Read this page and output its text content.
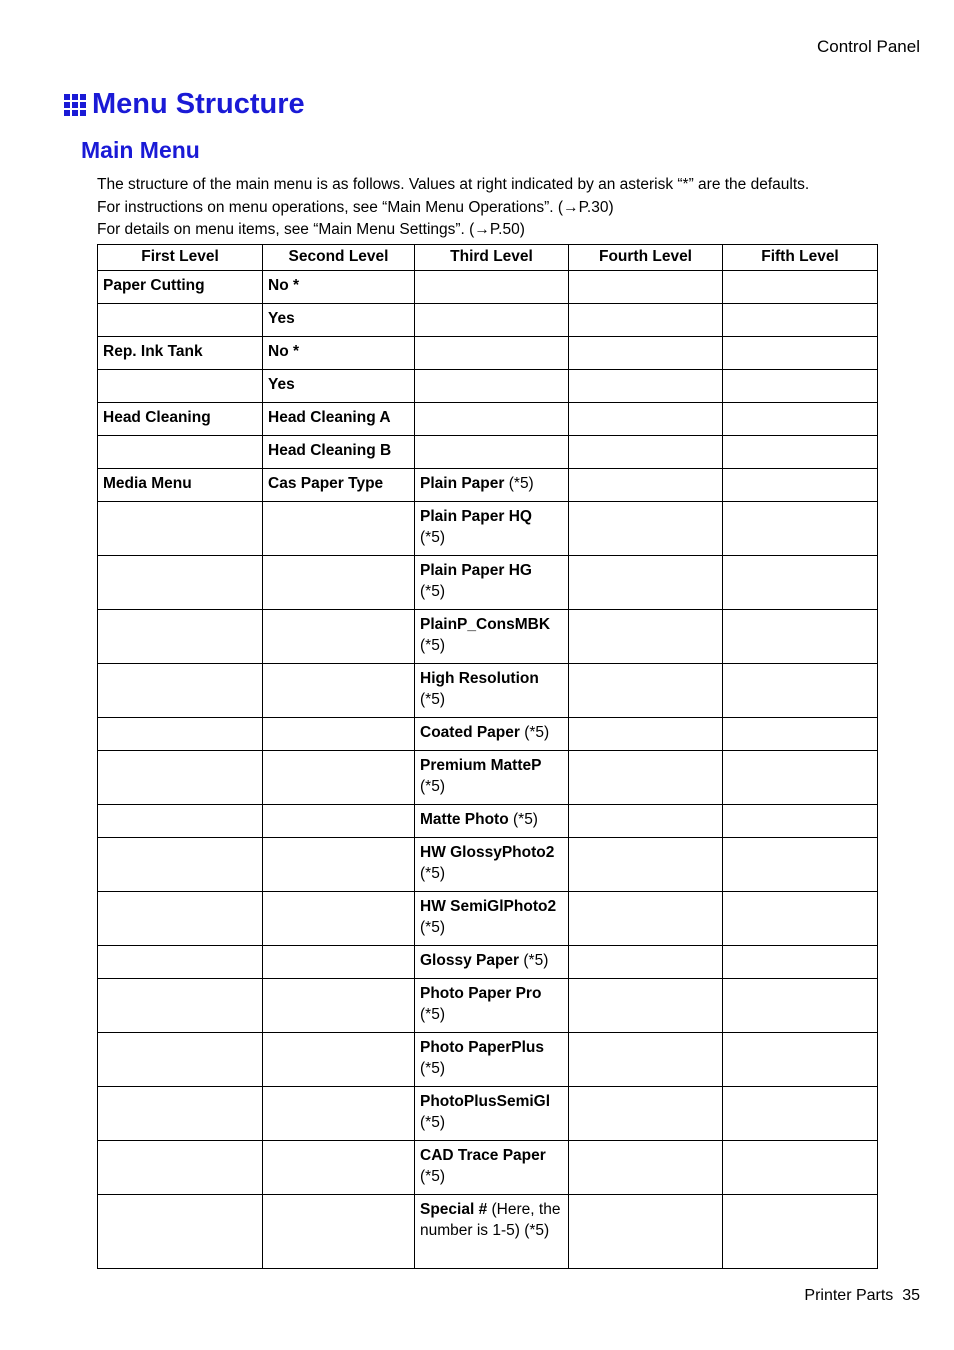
Control Panel
Menu Structure
Main Menu
The structure of the main menu is as follows. Values at right indicated by an asterisk “*” are the defaults.
For instructions on menu operations, see “Main Menu Operations”. (→P.30)
For details on menu items, see “Main Menu Settings”. (→P.50)
First Level	Second Level	Third Level	Fourth Level	Fifth Level
Paper Cutting	No *			
	Yes			
Rep. Ink Tank	No *			
	Yes			
Head Cleaning	Head Cleaning A			
	Head Cleaning B			
Media Menu	Cas Paper Type	Plain Paper (*5)		
		Plain Paper HQ
(*5)		
		Plain Paper HG
(*5)		
		PlainP_ConsMBK
(*5)		
		High Resolution
(*5)		
		Coated Paper (*5)		
		Premium MatteP
(*5)		
		Matte Photo (*5)		
		HW GlossyPhoto2
(*5)		
		HW SemiGlPhoto2
(*5)		
		Glossy Paper (*5)		
		Photo Paper Pro
(*5)		
		Photo PaperPlus
(*5)		
		PhotoPlusSemiGl
(*5)		
		CAD Trace Paper
(*5)		
		Special # (Here, the number is 1-5) (*5)		
Printer Parts 35
